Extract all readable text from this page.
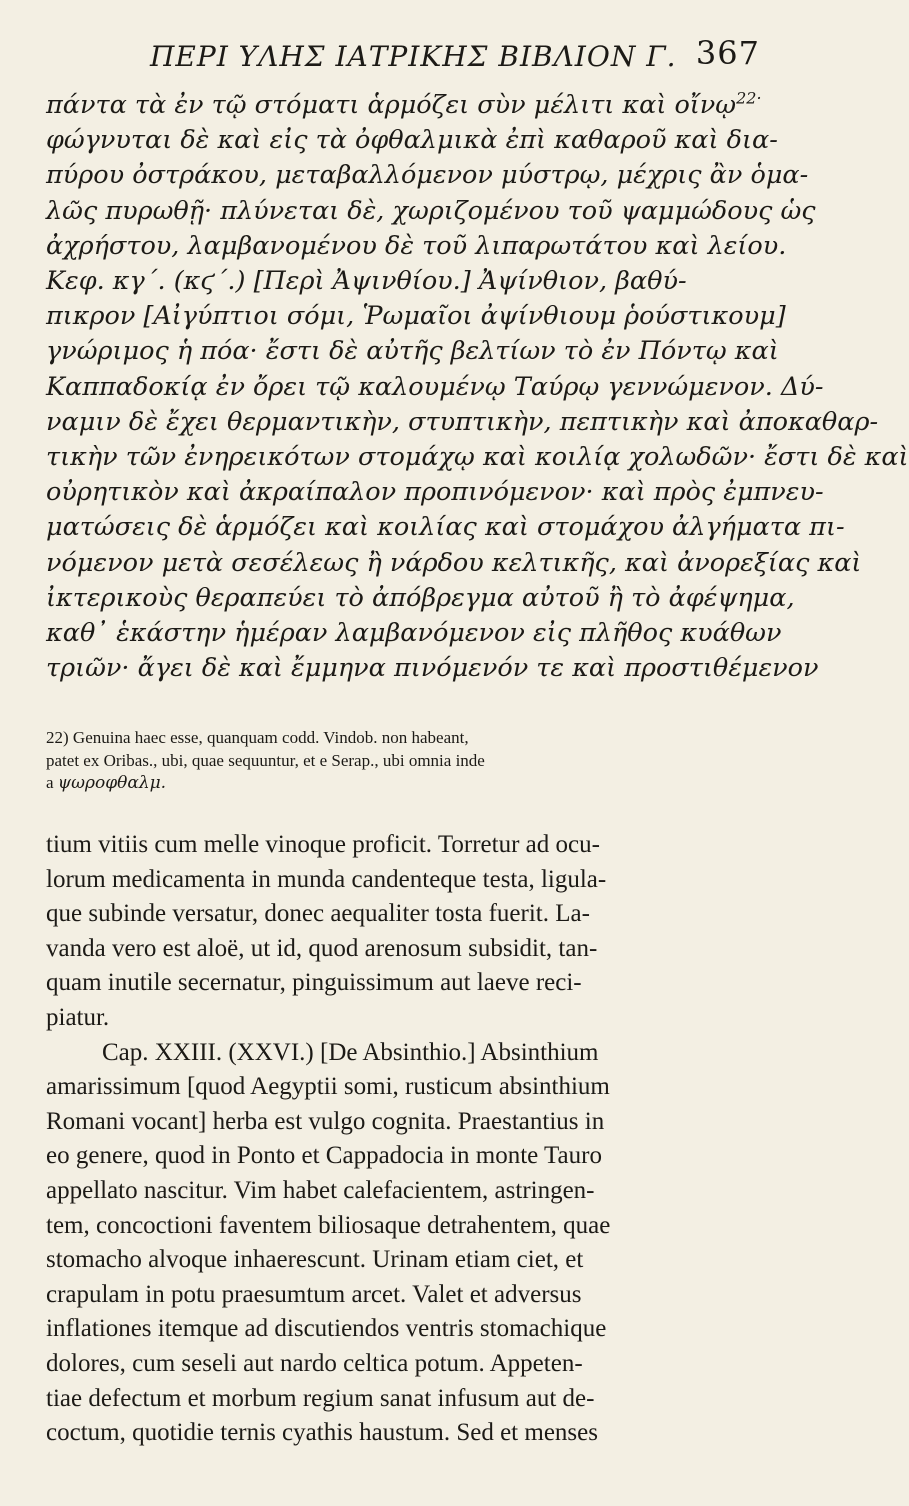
ΠΕΡΙ ΥΛΗΣ ΙΑΤΡΙΚΗΣ ΒΙΒΛΙΟΝ Γ. 367
πάντα τὰ ἐν τῷ στόματι ἁρμόζει σὺν μέλιτι καὶ οἴνῳ$^{22\cdot}$
φώγνυται δὲ καὶ εἰς τὰ ὀφθαλμικὰ ἐπὶ καθαροῦ καὶ δια-
πύρου ὀστράκου, μεταβαλλόμενον μύστρῳ, μέχρις ἂν ὁμα-
λῶς πυρωθῇ· πλύνεται δὲ, χωριζομένου τοῦ ψαμμώδους ὡς
ἀχρήστου, λαμβανομένου δὲ τοῦ λιπαρωτάτου καὶ λείου.
Κεφ. κγ΄. (κϛ΄.) [Περὶ Ἀψινθίου.] Ἀψίνθιον, βαθύ-
πικρον [Αἰγύπτιοι σόμι, Ῥωμαῖοι ἀψίνθιουμ ῥούστικουμ]
γνώριμος ἡ πόα· ἔστι δὲ αὐτῆς βελτίων τὸ ἐν Πόντῳ καὶ
Καππαδοκίᾳ ἐν ὄρει τῷ καλουμένῳ Ταύρῳ γεννώμενον. Δύ-
ναμιν δὲ ἔχει θερμαντικὴν, στυπτικὴν, πεπτικὴν καὶ ἀποκαθαρ-
τικὴν τῶν ἐνηρεικότων στομάχῳ καὶ κοιλίᾳ χολωδῶν· ἔστι δὲ καὶ
οὐρητικὸν καὶ ἀκραίπαλον προπινόμενον· καὶ πρὸς ἐμπνευ-
ματώσεις δὲ ἁρμόζει καὶ κοιλίας καὶ στομάχου ἀλγήματα πι-
νόμενον μετὰ σεσέλεως ἢ νάρδου κελτικῆς, καὶ ἀνορεξίας καὶ
ἰκτερικοὺς θεραπεύει τὸ ἀπόβρεγμα αὐτοῦ ἢ τὸ ἀφέψημα,
καθ᾽ ἑκάστην ἡμέραν λαμβανόμενον εἰς πλῆθος κυάθων
τριῶν· ἄγει δὲ καὶ ἔμμηνα πινόμενόν τε καὶ προστιθέμενον
22) Genuina haec esse, quanquam codd. Vindob. non habeant,
patet ex Oribas., ubi, quae sequuntur, et e Serap., ubi omnia inde
a ψωροφθαλμ.
tium vitiis cum melle vinoque proficit. Torretur ad ocu-
lorum medicamenta in munda candenteque testa, ligula-
que subinde versatur, donec aequaliter tosta fuerit. La-
vanda vero est aloë, ut id, quod arenosum subsidit, tan-
quam inutile secernatur, pinguissimum aut laeve reci-
piatur.
Cap. XXIII. (XXVI.) [De Absinthio.] Absinthium
amarissimum [quod Aegyptii somi, rusticum absinthium
Romani vocant] herba est vulgo cognita. Praestantius in
eo genere, quod in Ponto et Cappadocia in monte Tauro
appellato nascitur. Vim habet calefacientem, astringen-
tem, concoctioni faventem biliosaque detrahentem, quae
stomacho alvoque inhaerescunt. Urinam etiam ciet, et
crapulam in potu praesumtum arcet. Valet et adversus
inflationes itemque ad discutiendos ventris stomachique
dolores, cum seseli aut nardo celtica potum. Appeten-
tiae defectum et morbum regium sanat infusum aut de-
coctum, quotidie ternis cyathis haustum. Sed et menses
